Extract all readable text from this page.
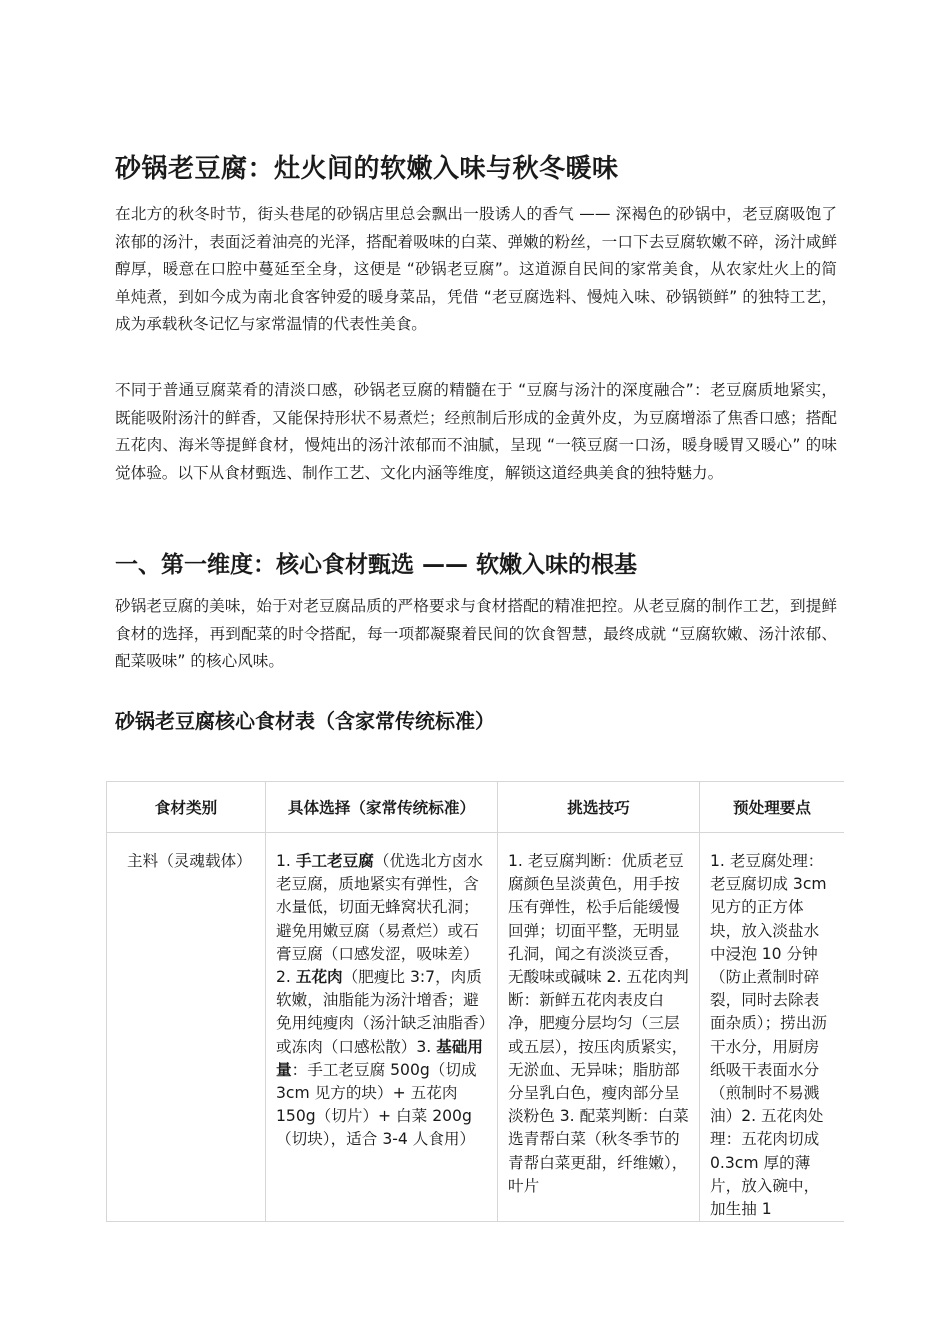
砂锅老豆腐：灶火间的软嫩入味与秋冬暖味

在北方的秋冬时节，街头巷尾的砂锅店里总会飘出一股诱人的香气 —— 深褐色的砂锅中，老豆腐吸饱了浓郁的汤汁，表面泛着油亮的光泽，搭配着吸味的白菜、弹嫩的粉丝，一口下去豆腐软嫩不碎，汤汁咸鲜醇厚，暖意在口腔中蔓延至全身，这便是 “砂锅老豆腐”。这道源自民间的家常美食，从农家灶火上的简单炖煮，到如今成为南北食客钟爱的暖身菜品，凭借 “老豆腐选料、慢炖入味、砂锅锁鲜” 的独特工艺，成为承载秋冬记忆与家常温情的代表性美食。

不同于普通豆腐菜肴的清淡口感，砂锅老豆腐的精髓在于 “豆腐与汤汁的深度融合”：老豆腐质地紧实，既能吸附汤汁的鲜香，又能保持形状不易煮烂；经煎制后形成的金黄外皮，为豆腐增添了焦香口感；搭配五花肉、海米等提鲜食材，慢炖出的汤汁浓郁而不油腻，呈现 “一筷豆腐一口汤，暖身暖胃又暖心” 的味觉体验。以下从食材甄选、制作工艺、文化内涵等维度，解锁这道经典美食的独特魅力。

一、第一维度：核心食材甄选 —— 软嫩入味的根基

砂锅老豆腐的美味，始于对老豆腐品质的严格要求与食材搭配的精准把控。从老豆腐的制作工艺，到提鲜食材的选择，再到配菜的时令搭配，每一项都凝聚着民间的饮食智慧，最终成就 “豆腐软嫩、汤汁浓郁、配菜吸味” 的核心风味。

砂锅老豆腐核心食材表（含家常传统标准）
食材类别	具体选择（家常传统标准）	挑选技巧	预处理要点
主料（灵魂载体）	1. 手工老豆腐（优选北方卤水老豆腐，质地紧实有弹性，含水量低，切面无蜂窝状孔洞；避免用嫩豆腐（易煮烂）或石膏豆腐（口感发涩，吸味差）2. 五花肉（肥瘦比 3:7，肉质软嫩，油脂能为汤汁增香；避免用纯瘦肉（汤汁缺乏油脂香）或冻肉（口感松散）3. 基础用量：手工老豆腐 500g（切成 3cm 见方的块）+ 五花肉 150g（切片）+ 白菜 200g（切块），适合 3-4 人食用）	1. 老豆腐判断：优质老豆腐颜色呈淡黄色，用手按压有弹性，松手后能缓慢回弹；切面平整，无明显孔洞，闻之有淡淡豆香，无酸味或碱味 2. 五花肉判断：新鲜五花肉表皮白净，肥瘦分层均匀（三层或五层），按压肉质紧实，无淤血、无异味；脂肪部分呈乳白色，瘦肉部分呈淡粉色 3. 配菜判断：白菜选青帮白菜（秋冬季节的青帮白菜更甜，纤维嫩），叶片	1. 老豆腐处理：老豆腐切成 3cm 见方的正方体块，放入淡盐水中浸泡 10 分钟（防止煮制时碎裂，同时去除表面杂质）；捞出沥干水分，用厨房纸吸干表面水分（煎制时不易溅油）2. 五花肉处理：五花肉切成 0.3cm 厚的薄片，放入碗中，加生抽 1
